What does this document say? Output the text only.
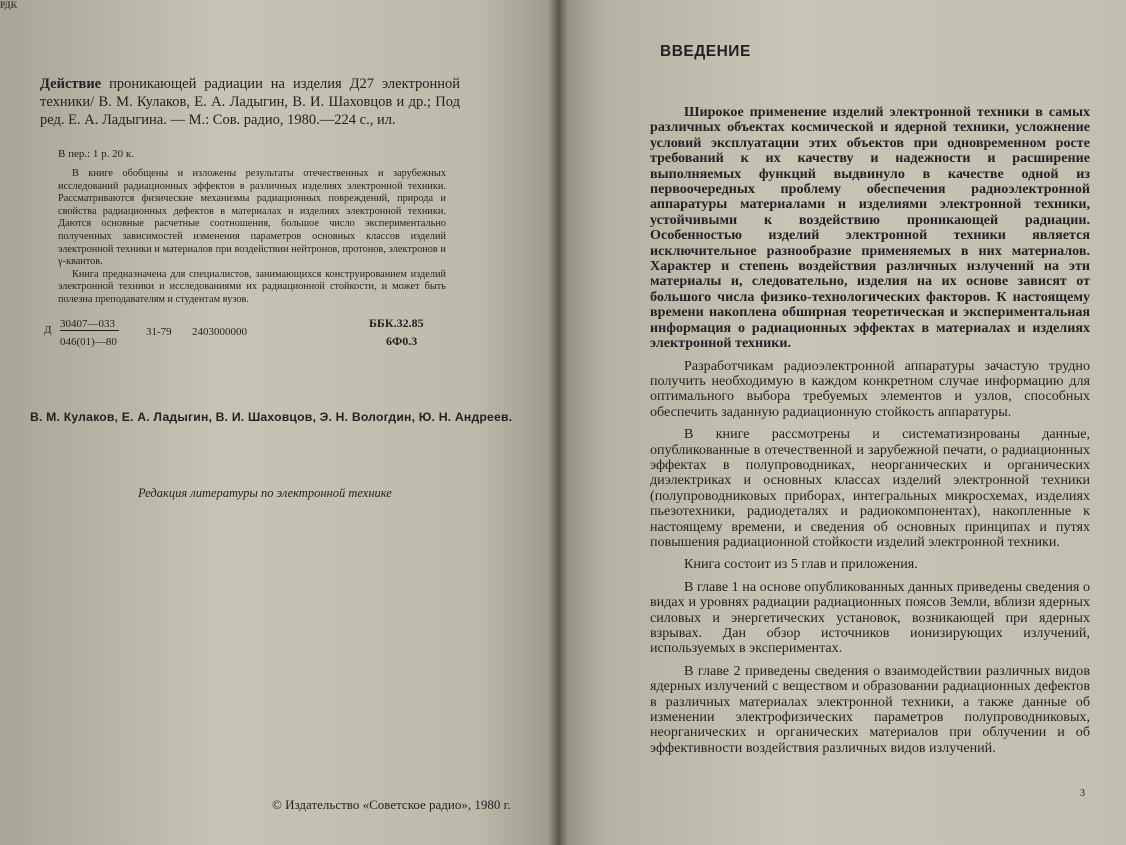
РДК
Действие проникающей радиации на изделия Д27 электронной техники/ В. М. Кулаков, Е. А. Ладыгин, В. И. Шаховцов и др.; Под ред. Е. А. Ладыгина. — М.: Сов. радио, 1980.—224 с., ил.
В пер.: 1 р. 20 к.

В книге обобщены и изложены результаты отечественных и зарубежных исследований радиационных эффектов в различных изделиях электронной техники. Рассматриваются физические механизмы радиационных повреждений, природа и свойства радиационных дефектов в материалах и изделиях электронной техники. Даются основные расчетные соотношения, большое число экспериментально полученных зависимостей изменения параметров основных классов изделий электронной техники и материалов при воздействии нейтронов, протонов, электронов и γ-квантов.

Книга предназначена для специалистов, занимающихся конструированием изделий электронной техники и исследованиями их радиационной стойкости, и может быть полезна преподавателям и студентам вузов.

Д 30407—033
046(01)—80
31-79 2403000000
ББК.32.85
6Ф0.3
В. М. Кулаков, Е. А. Ладыгин, В. И. Шаховцов, Э. Н. Вологдин, Ю. Н. Андреев.
Редакция литературы по электронной технике
© Издательство «Советское радио», 1980 г.
ВВЕДЕНИЕ

Широкое применение изделий электронной техники в самых различных объектах космической и ядерной техники, усложнение условий эксплуатации этих объектов при одновременном росте требований к их качеству и надежности и расширение выполняемых функций выдвинуло в качестве одной из первоочередных проблему обеспечения радиоэлектронной аппаратуры материалами и изделиями электронной техники, устойчивыми к воздействию проникающей радиации. Особенностью изделий электронной техники является исключительное разнообразие применяемых в них материалов. Характер и степень воздействия различных излучений на эти материалы и, следовательно, изделия на их основе зависят от большого числа физико-технологических факторов. К настоящему времени накоплена обширная теоретическая и экспериментальная информация о радиационных эффектах в материалах и изделиях электронной техники.

Разработчикам радиоэлектронной аппаратуры зачастую трудно получить необходимую в каждом конкретном случае информацию для оптимального выбора требуемых элементов и узлов, способных обеспечить заданную радиационную стойкость аппаратуры.

В книге рассмотрены и систематизированы данные, опубликованные в отечественной и зарубежной печати, о радиационных эффектах в полупроводниках, неорганических и органических диэлектриках и основных классах изделий электронной техники (полупроводниковых приборах, интегральных микросхемах, изделиях пьезотехники, радиодеталях и радиокомпонентах), накопленные к настоящему времени, и сведения об основных принципах и путях повышения радиационной стойкости изделий электронной техники.

Книга состоит из 5 глав и приложения.

В главе 1 на основе опубликованных данных приведены сведения о видах и уровнях радиации радиационных поясов Земли, вблизи ядерных силовых и энергетических установок, возникающей при ядерных взрывах. Дан обзор источников ионизирующих излучений, используемых в экспериментах.

В главе 2 приведены сведения о взаимодействии различных видов ядерных излучений с веществом и образовании радиационных дефектов в различных материалах электронной техники, а также данные об изменении электрофизических параметров полупроводниковых, неорганических и органических материалов при облучении и об эффективности воздействия различных видов излучений.

3
